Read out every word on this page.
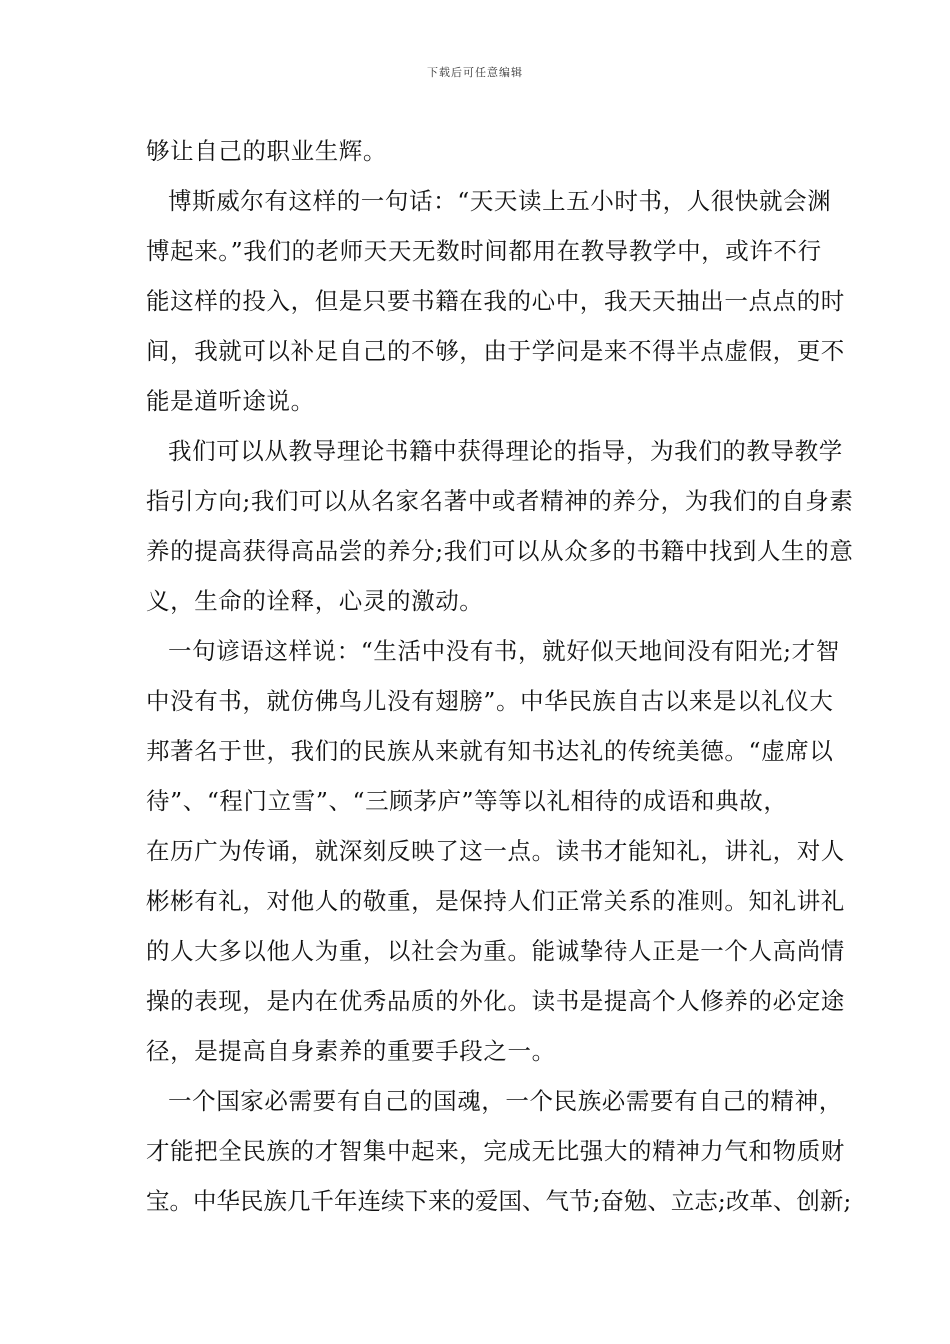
下载后可任意编辑
够让自己的职业生辉。
博斯威尔有这样的一句话：“天天读上五小时书，人很快就会渊
博起来。”我们的老师天天无数时间都用在教导教学中，或许不行
能这样的投入，但是只要书籍在我的心中，我天天抽出一点点的时
间，我就可以补足自己的不够，由于学问是来不得半点虚假，更不
能是道听途说。
我们可以从教导理论书籍中获得理论的指导，为我们的教导教学
指引方向;我们可以从名家名著中或者精神的养分，为我们的自身素
养的提高获得高品尝的养分;我们可以从众多的书籍中找到人生的意
义，生命的诠释，心灵的激动。
一句谚语这样说：“生活中没有书，就好似天地间没有阳光;才智
中没有书，就仿佛鸟儿没有翅膀”。中华民族自古以来是以礼仪大
邦著名于世，我们的民族从来就有知书达礼的传统美德。“虚席以
待”、“程门立雪”、“三顾茅庐”等等以礼相待的成语和典故，
在历广为传诵，就深刻反映了这一点。读书才能知礼，讲礼，对人
彬彬有礼，对他人的敬重，是保持人们正常关系的准则。知礼讲礼
的人大多以他人为重，以社会为重。能诚挚待人正是一个人高尚情
操的表现，是内在优秀品质的外化。读书是提高个人修养的必定途
径，是提高自身素养的重要手段之一。
一个国家必需要有自己的国魂，一个民族必需要有自己的精神，
才能把全民族的才智集中起来，完成无比强大的精神力气和物质财
宝。中华民族几千年连续下来的爱国、气节;奋勉、立志;改革、创新;
